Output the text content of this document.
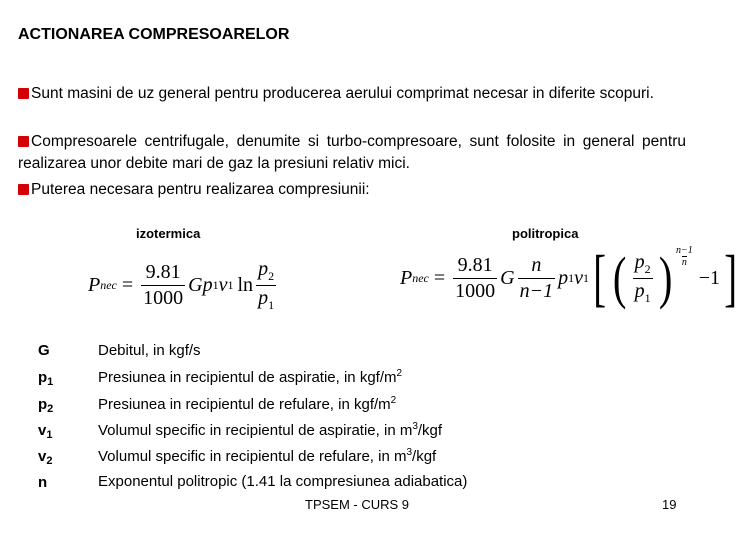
ACTIONAREA COMPRESOARELOR
Sunt masini de uz general pentru producerea aerului comprimat necesar in diferite scopuri.
Compresoarele centrifugale, denumite si turbo-compresoare, sunt folosite in general pentru realizarea unor debite mari de gaz la presiuni relativ mici.
Puterea necesara pentru realizarea compresiunii:
izotermica	politropica
P nec = $\frac{9.81}{1000}$ G p 1 v 1 $\ln \frac{p_2}{p_1}$	P nec = $\frac{9.81}{1000}$ G $\frac{n}{n-1}$ p 1 v 1 [ ( $\frac{p_2}{p_1}$ ) n−1
n
−1 ]
G	Debitul, in kgf/s
$p_1$	Presiunea in recipientul de aspiratie, in kgf/$m^2$
$p_2$	Presiunea in recipientul de refulare, in kgf/$m^2$
$v_1$	Volumul specific in recipientul de aspiratie, in $m^3$/kgf
$v_2$	Volumul specific in recipientul de refulare, in $m^3$/kgf
n	Exponentul politropic (1.41 la compresiunea adiabatica)
TPSEM - CURS 9	19
